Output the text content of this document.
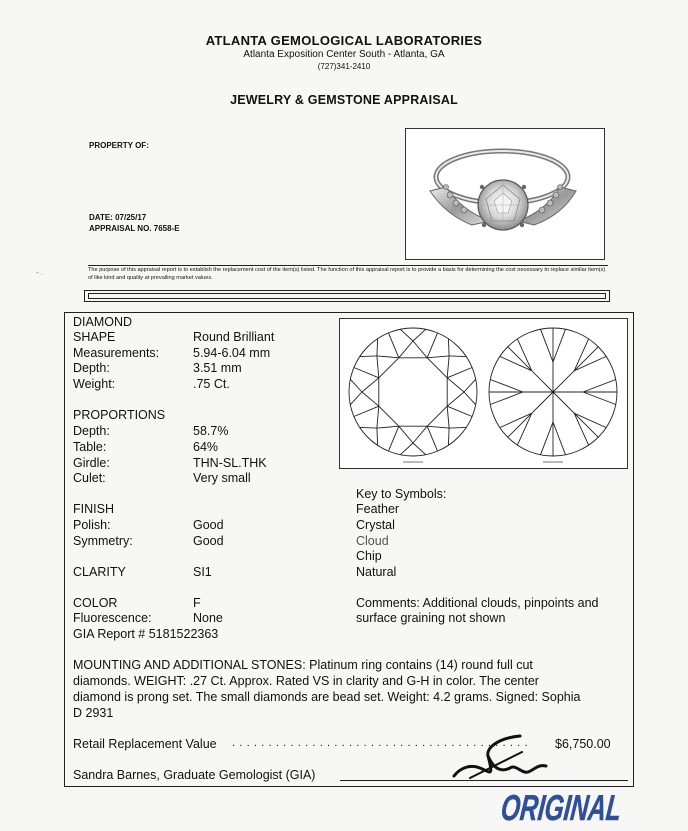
ATLANTA GEMOLOGICAL LABORATORIES
Atlanta Exposition Center South - Atlanta, GA
(727)341-2410
JEWELRY & GEMSTONE APPRAISAL
PROPERTY OF:
DATE: 07/25/17
APPRAISAL NO. 7658-E
The purpose of this appraisal report is to establish the replacement cost of the item(s) listed. The function of this appraisal report is to provide a basis for determining the cost necessary to replace similar item(s) of like kind and quality at prevailing market values.
DIAMOND
SHAPE	Round Brilliant
Measurements:	5.94-6.04 mm
Depth:	3.51 mm
Weight:	.75 Ct.
PROPORTIONS
Depth:	58.7%
Table:	64%
Girdle:	THN-SL.THK
Culet:	Very small
FINISH
Polish:	Good
Symmetry:	Good
CLARITY	SI1
COLOR	F
Fluorescence:	None
GIA Report # 5181522363
Key to Symbols:
Feather
Crystal
Cloud
Chip
Natural
Comments: Additional clouds, pinpoints and
surface graining not shown
MOUNTING AND ADDITIONAL STONES: Platinum ring contains (14) round full cut
diamonds. WEIGHT: .27 Ct. Approx. Rated VS in clarity and G-H in color. The center
diamond is prong set. The small diamonds are bead set. Weight: 4.2 grams. Signed: Sophia
D 2931
Retail Replacement Value . . . . . . . . . . . . . . . . . . . . . . . . . . . . . . . . . . . . . . . . .	$6,750.00
Sandra Barnes, Graduate Gemologist (GIA)
ORIGINAL
- .
